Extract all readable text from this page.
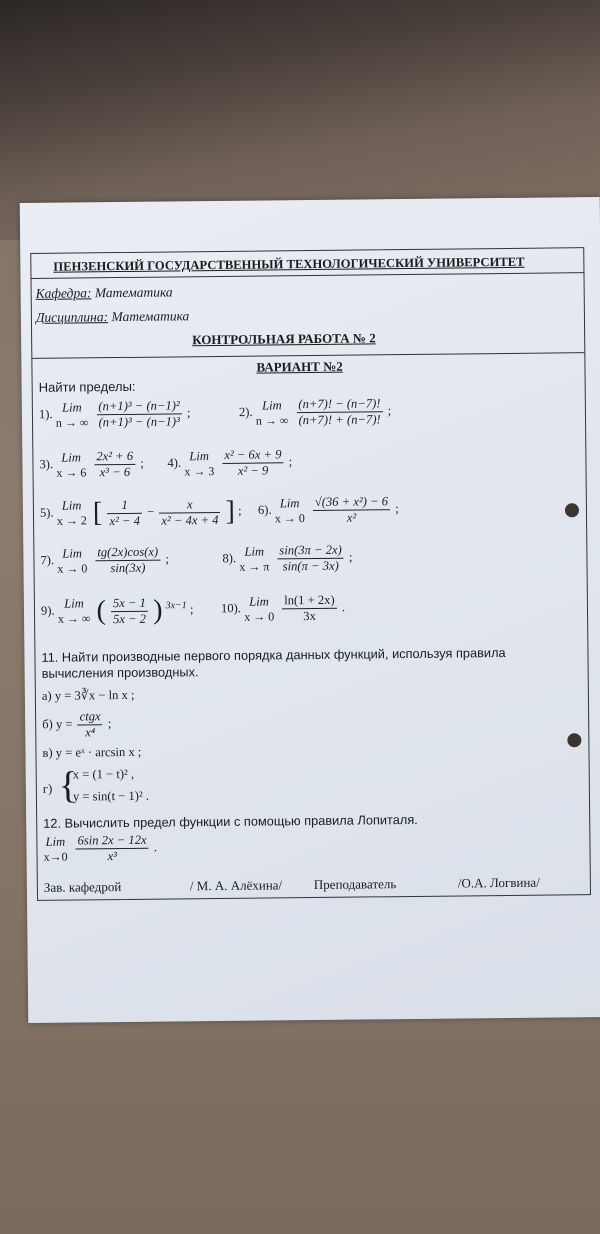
ПЕНЗЕНСКИЙ ГОСУДАРСТВЕННЫЙ ТЕХНОЛОГИЧЕСКИЙ УНИВЕРСИТЕТ
Кафедра: Математика
Дисциплина: Математика
КОНТРОЛЬНАЯ РАБОТА № 2
ВАРИАНТ №2
Найти пределы:
1). Lim
n → ∞
$\frac{\text{(n+1)³ − (n−1)²}}{\text{(n+1)³ − (n−1)³}}$ ;	2). Lim
n → ∞
$\frac{(n+7)! - (n-7)!}{(n+7)! + (n-7)!}$ ;
3). Lim
x → 6
$\frac{\text{2x² + 6}}{\text{x³ − 6}}$ ; 4). Lim
x → 3
$\frac{\text{x² − 6x + 9}}{\text{x² − 9}}$ ;
5). Lim
x → 2 [ $\frac{1}{\text{x² − 4}} - \frac{x}{\text{x² − 4x + 4}}$ ] ; 6). Lim
x → 0
$\frac{\text{√(36 + x²) − 6}}{\text{x²}}$ ;
7). Lim
x → 0
$\frac{tg(2x)\cos(x)}{\sin(3x)}$ ;	8). Lim
x → π
$\frac{\sin(3\pi - 2x)}{\sin(\pi - 3x)}$ ;
9). Lim
x → ∞ ( $\frac{5x - 1}{5x - 2}$ ) $^{3x-1}$ ; 10). Lim
x → 0
$\frac{\ln(1 + 2x)}{3x}$ .
11. Найти производные первого порядка данных функций, используя правила
вычисления производных.
а) y = 3∛x − ln x ;
б) $y = \frac{\text{ctgx}}{\text{x⁴}}$ ;
в) y = eˣ · arcsin x ;
г) {
x = (1 − t)² ,
y = sin(t − 1)² .
12. Вычислить предел функции с помощью правила Лопиталя.
Lim
x→0
$\frac{6\sin 2x - 12x}{\text{x³}}$ .
Зав. кафедрой	/ М. А. Алёхина/ Преподаватель	/О.А. Логвина/
